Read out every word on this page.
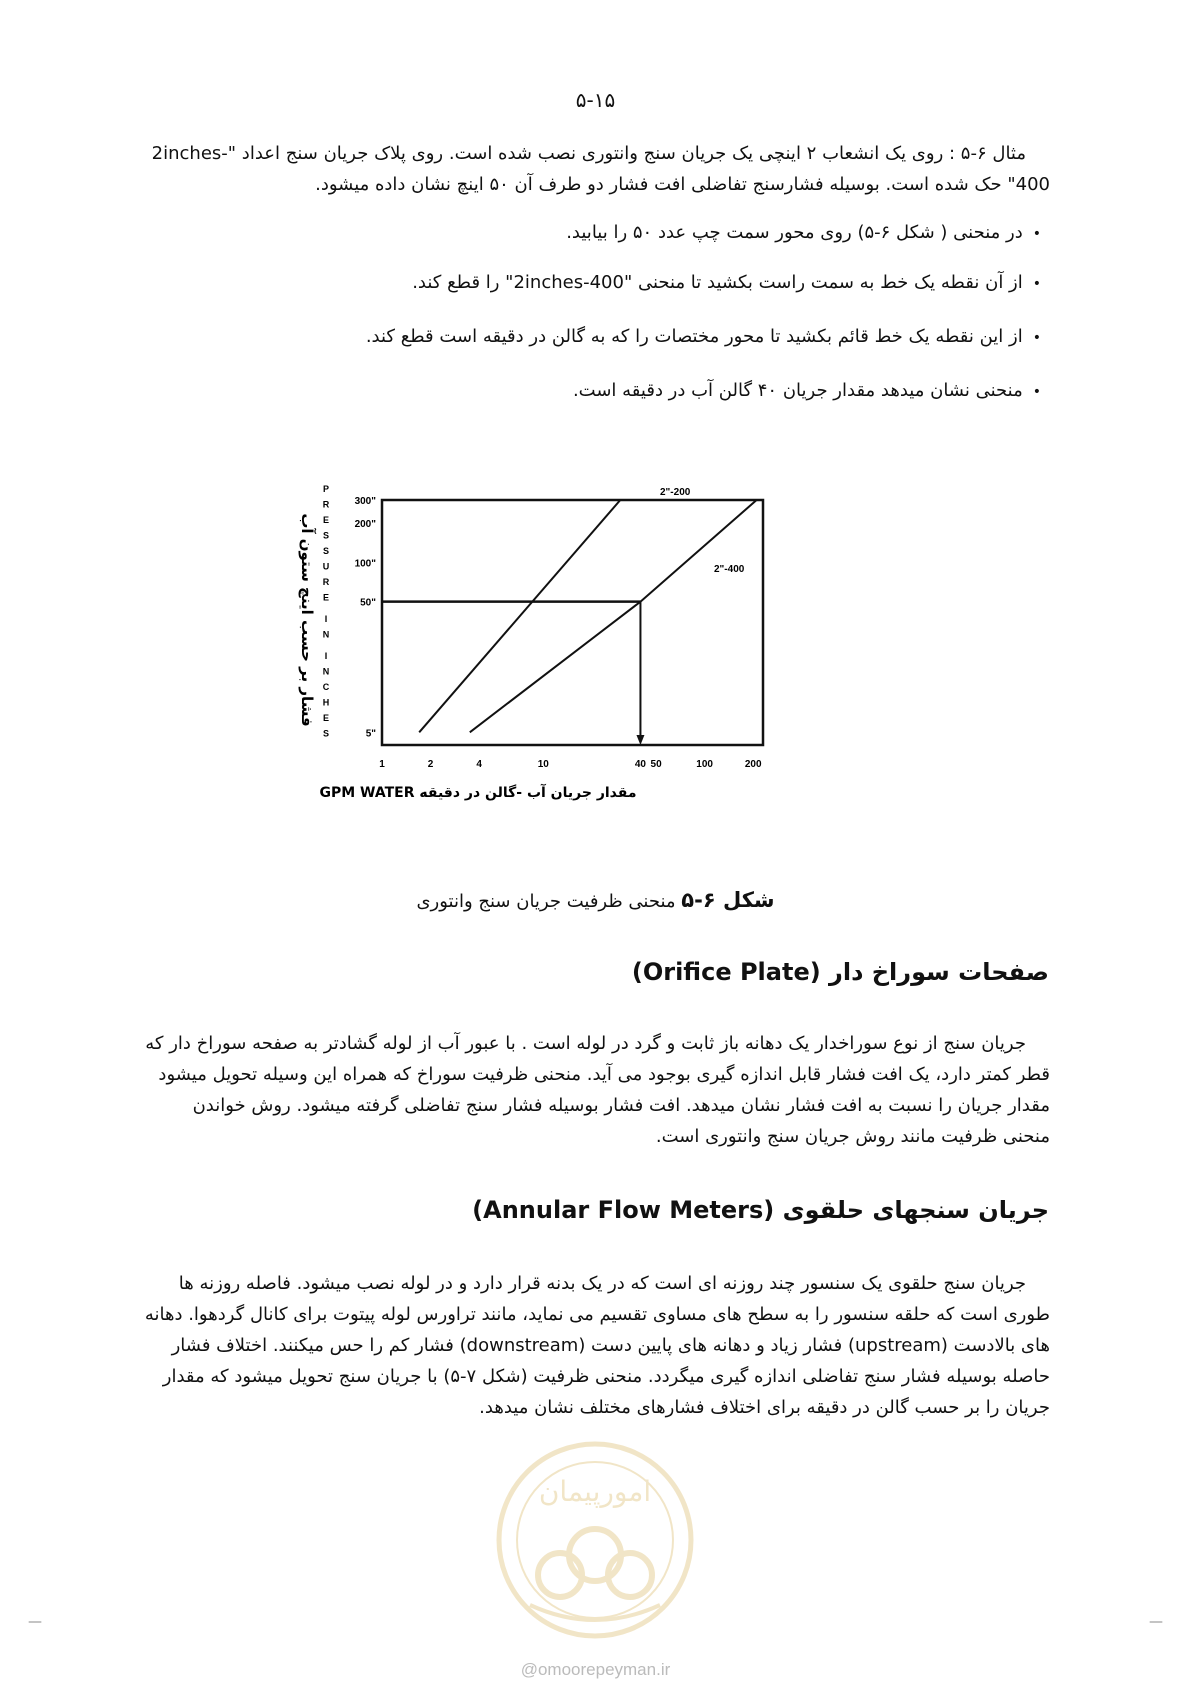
۵-۱۵
مثال ۶-۵ : روی یک انشعاب ۲ اینچی یک جریان سنج وانتوری نصب شده است. روی پلاک جریان سنج اعداد "2inches-400" حک شده است. بوسیله فشارسنج تفاضلی افت فشار دو طرف آن ۵۰ اینچ نشان داده میشود.
• در منحنی ( شکل ۶-۵) روی محور سمت چپ عدد ۵۰ را بیابید.
• از آن نقطه یک خط به سمت راست بکشید تا منحنی "2inches-400" را قطع کند.
• از این نقطه یک خط قائم بکشید تا محور مختصات را که به گالن در دقیقه است قطع کند.
• منحنی نشان میدهد مقدار جریان ۴۰ گالن آب در دقیقه است.
1	2	4	10	40 50	100	200
300"
200"
100"
50"
5"
P
R
E
S
S
U
R
E
I
N
I
N
C
H
E
S
فشار بر حسب اینچ ستون آب
مقدار جریان آب -گالن در دقیقه GPM WATER
2"-200
2"-400
شکل ۶-۵ منحنی ظرفیت جریان سنج وانتوری
صفحات سوراخ دار (Orifice Plate)
جریان سنج از نوع سوراخدار یک دهانه باز ثابت و گرد در لوله است . با عبور آب از لوله گشادتر به صفحه سوراخ دار که قطر کمتر دارد، یک افت فشار قابل اندازه گیری بوجود می آید. منحنی ظرفیت سوراخ که همراه این وسیله تحویل میشود مقدار جریان را نسبت به افت فشار نشان میدهد. افت فشار بوسیله فشار سنج تفاضلی گرفته میشود. روش خواندن منحنی ظرفیت مانند روش جریان سنج وانتوری است.
جریان سنجهای حلقوی (Annular Flow Meters)
جریان سنج حلقوی یک سنسور چند روزنه ای است که در یک بدنه قرار دارد و در لوله نصب میشود. فاصله روزنه ها طوری است که حلقه سنسور را به سطح های مساوی تقسیم می نماید، مانند تراورس لوله پیتوت برای کانال گردهوا. دهانه های بالادست (upstream) فشار زیاد و دهانه های پایین دست (downstream) فشار کم را حس میکنند. اختلاف فشار حاصله بوسیله فشار سنج تفاضلی اندازه گیری میگردد. منحنی ظرفیت (شکل ۷-۵) با جریان سنج تحویل میشود که مقدار جریان را بر حسب گالن در دقیقه برای اختلاف فشارهای مختلف نشان میدهد.
امورپیمان
—	—
@omoorepeyman.ir
